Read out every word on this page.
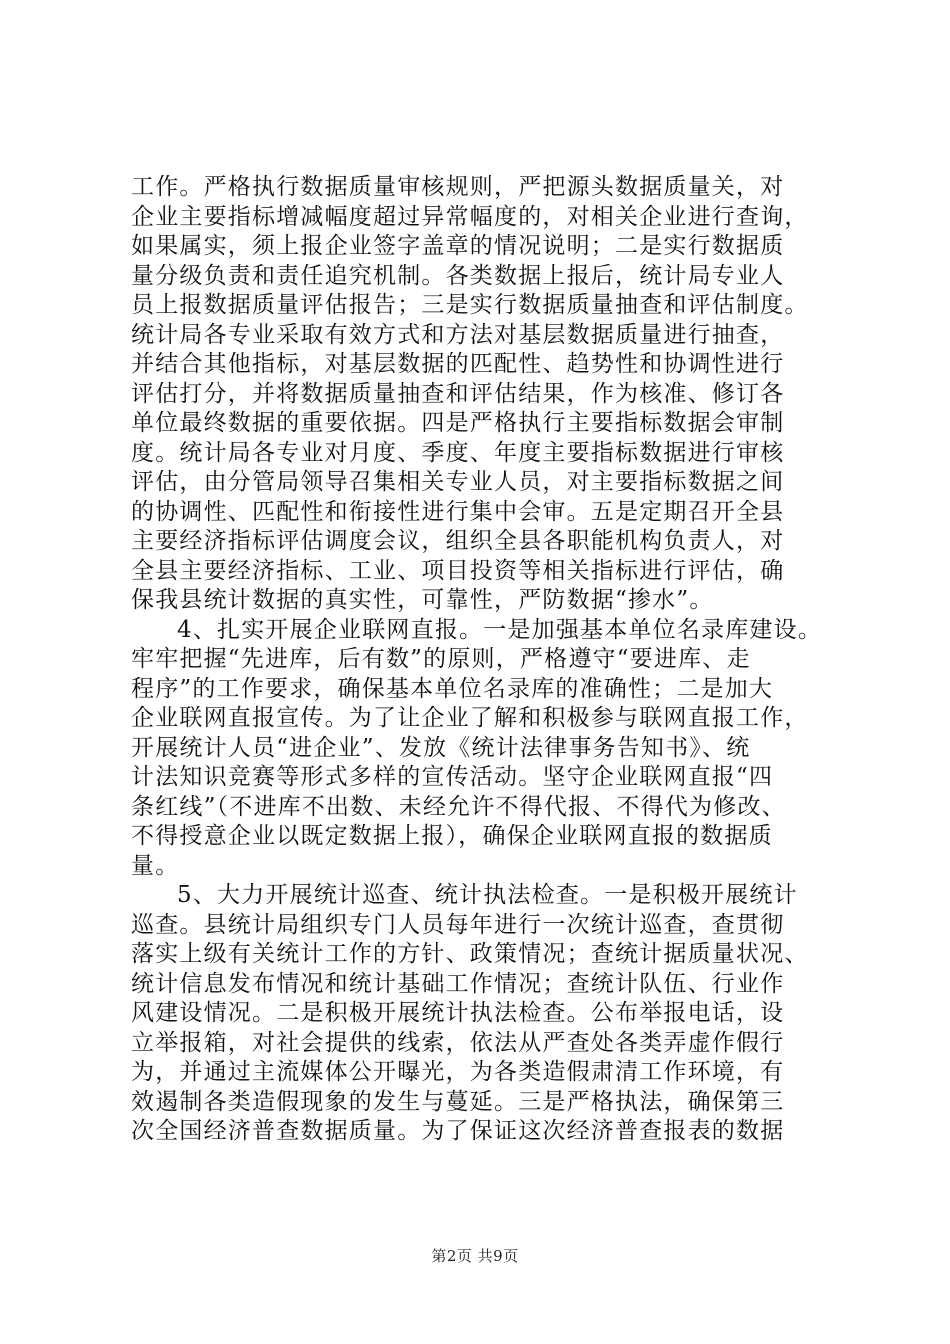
工作。严格执行数据质量审核规则，严把源头数据质量关，对
企业主要指标增减幅度超过异常幅度的，对相关企业进行查询，
如果属实，须上报企业签字盖章的情况说明；二是实行数据质
量分级负责和责任追究机制。各类数据上报后，统计局专业人
员上报数据质量评估报告；三是实行数据质量抽查和评估制度。
统计局各专业采取有效方式和方法对基层数据质量进行抽查，
并结合其他指标，对基层数据的匹配性、趋势性和协调性进行
评估打分，并将数据质量抽查和评估结果，作为核准、修订各
单位最终数据的重要依据。四是严格执行主要指标数据会审制
度。统计局各专业对月度、季度、年度主要指标数据进行审核
评估，由分管局领导召集相关专业人员，对主要指标数据之间
的协调性、匹配性和衔接性进行集中会审。五是定期召开全县
主要经济指标评估调度会议，组织全县各职能机构负责人，对
全县主要经济指标、工业、项目投资等相关指标进行评估，确
保我县统计数据的真实性，可靠性，严防数据“掺水”。
4、扎实开展企业联网直报。一是加强基本单位名录库建设。
牢牢把握“先进库，后有数”的原则，严格遵守“要进库、走
程序”的工作要求，确保基本单位名录库的准确性；二是加大
企业联网直报宣传。为了让企业了解和积极参与联网直报工作，
开展统计人员“进企业”、发放《统计法律事务告知书》、统
计法知识竞赛等形式多样的宣传活动。坚守企业联网直报“四
条红线”（不进库不出数、未经允许不得代报、不得代为修改、
不得授意企业以既定数据上报），确保企业联网直报的数据质
量。
5、大力开展统计巡查、统计执法检查。一是积极开展统计
巡查。县统计局组织专门人员每年进行一次统计巡查，查贯彻
落实上级有关统计工作的方针、政策情况；查统计据质量状况、
统计信息发布情况和统计基础工作情况；查统计队伍、行业作
风建设情况。二是积极开展统计执法检查。公布举报电话，设
立举报箱，对社会提供的线索，依法从严查处各类弄虚作假行
为，并通过主流媒体公开曝光，为各类造假肃清工作环境，有
效遏制各类造假现象的发生与蔓延。三是严格执法，确保第三
次全国经济普查数据质量。为了保证这次经济普查报表的数据
第2页 共9页
